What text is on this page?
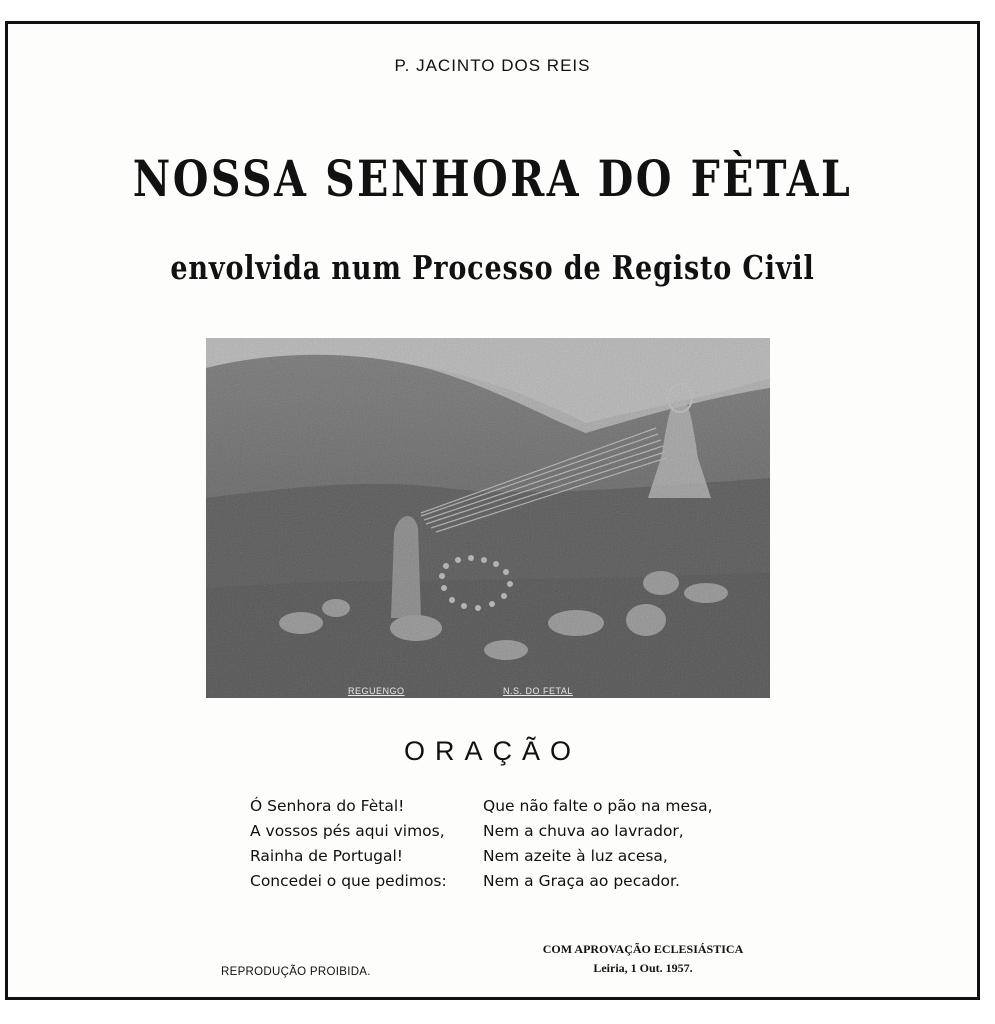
P. JACINTO DOS REIS
NOSSA SENHORA DO FÈTAL
envolvida num Processo de Registo Civil
REGUENGO	N.S. DO FETAL
ORAÇÃO
Ó Senhora do Fètal!
A vossos pés aqui vimos,
Rainha de Portugal!
Concedei o que pedimos:
Que não falte o pão na mesa,
Nem a chuva ao lavrador,
Nem azeite à luz acesa,
Nem a Graça ao pecador.
REPRODUÇÃO PROIBIDA.
COM APROVAÇÃO ECLESIÁSTICA
Leiria, 1 Out. 1957.
